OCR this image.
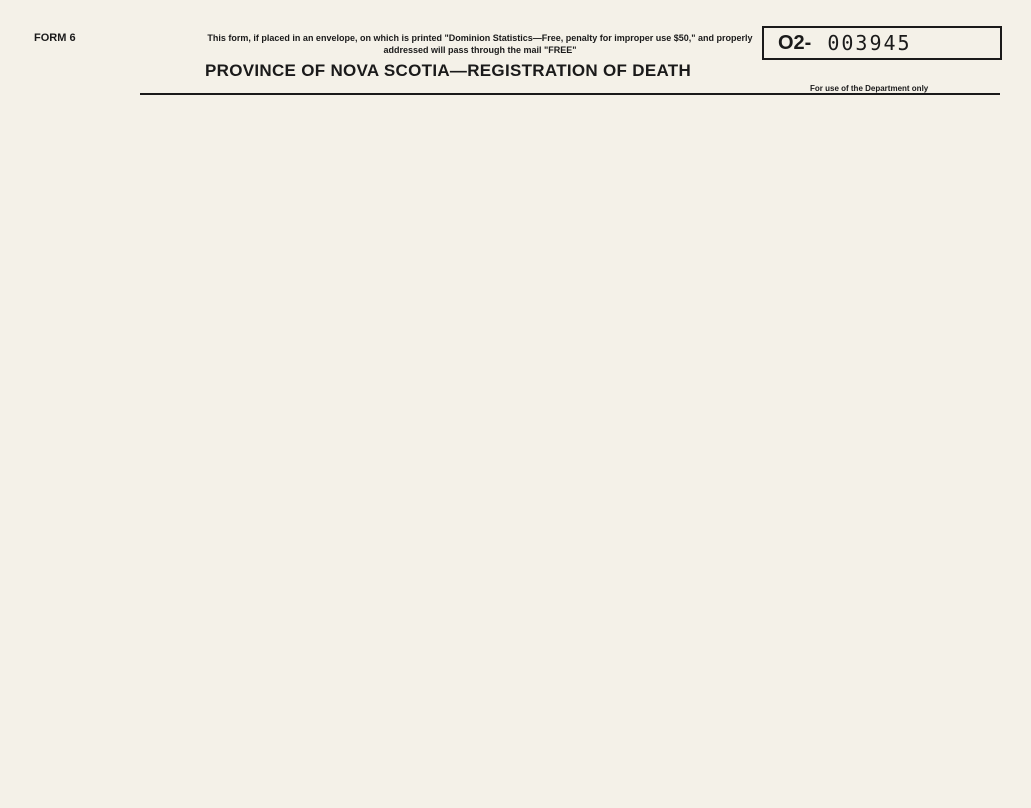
FORM 6	This form, if placed in an envelope, on which is printed "Dominion Statistics—Free, penalty for improper use $50," and properly addressed will pass through the mail "FREE"
PROVINCE OF NOVA SCOTIA—REGISTRATION OF DEATH
O2- 003945
For use of the Department only
